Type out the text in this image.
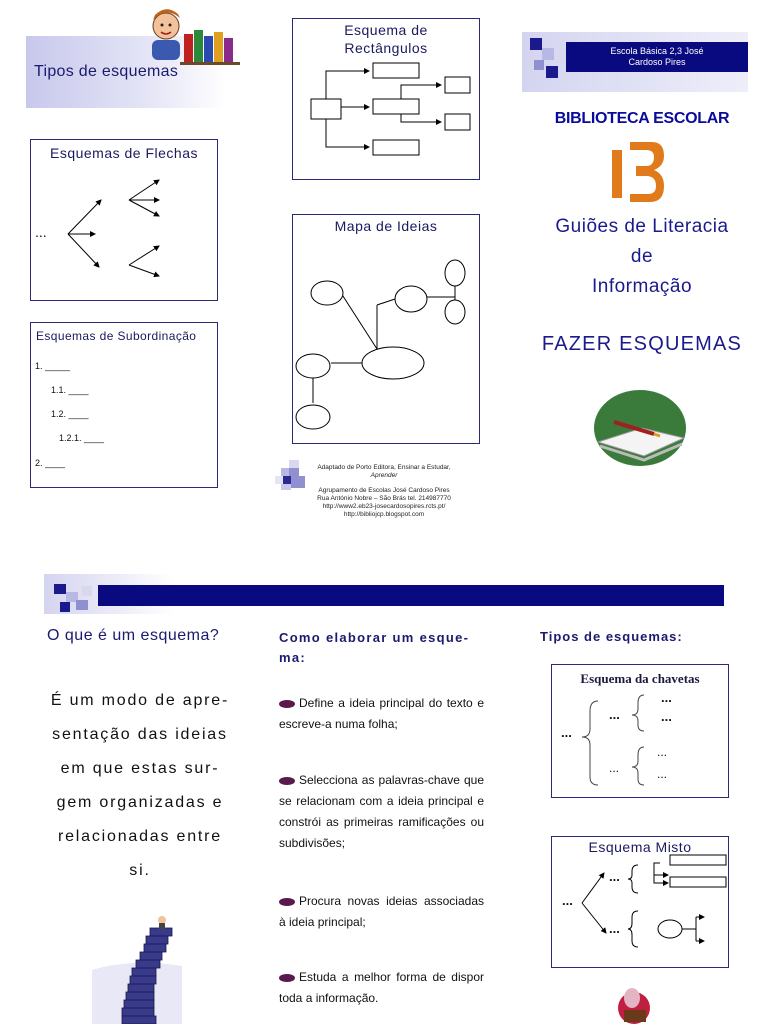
Tipos de esquemas
Esquemas de Flechas
...
Esquemas de Subordinação
1. _____
1.1. ____
1.2. ____
1.2.1. ____
2. ____
Esquema de
Rectângulos
Mapa de Ideias
Adaptado de Porto Editora, Ensinar a Estudar,
Aprender
Agrupamento de Escolas José Cardoso Pires
Rua António Nobre – São Brás tel. 214987770
http://www2.eb23-josecardosopires.rcts.pt/
http://bibliojcp.blogspot.com
Escola Básica 2,3 José
Cardoso Pires
BIBLIOTECA ESCOLAR
Guiões de Literacia
de
Informação
FAZER ESQUEMAS
O que é um esquema?
É um modo de apre-
sentação das ideias
em que estas sur-
gem organizadas e
relacionadas entre
si.
Como elaborar um esque-
ma:
Define a ideia principal do texto e escreve-a numa folha;
Selecciona as palavras-chave que se relacionam com a ideia principal e constrói as primeiras ramificações ou subdivisões;
Procura novas ideias associadas à ideia principal;
Estuda a melhor forma de dispor toda a informação.
Tipos de esquemas:
Esquema da chavetas
...
...
...
...
...
...
...
Esquema Misto
...
...
...
